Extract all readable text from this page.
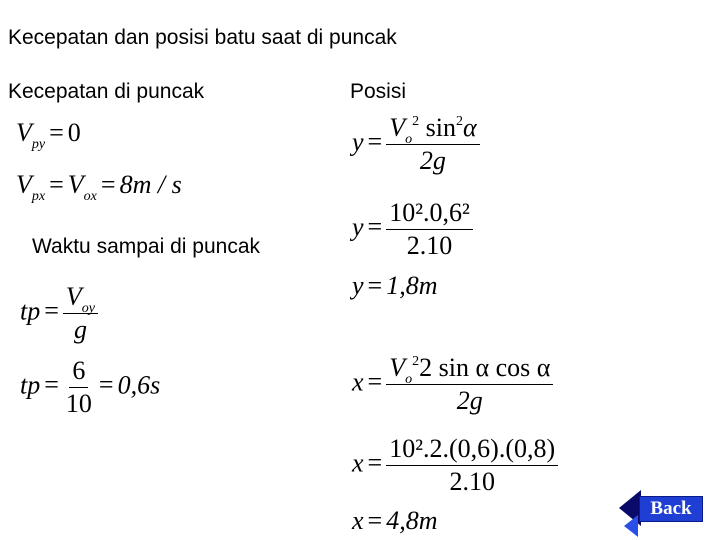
Kecepatan dan posisi batu saat di puncak
Kecepatan di puncak	Posisi
Waktu sampai di puncak
$V_{py} = 0$
$V_{px} = V_{ox} = 8m / s$
tp = $\frac{V_{oy}}{g}$
tp = $\frac{6}{10} = 0,6s$
$y = \frac{V_o^2 \sin^2\alpha}{2g}$
$y = \frac{\text{10².0,6²}}{2.10}$
y = 1,8m
$x = \frac{V_o^22 \sin \alpha \cos \alpha}{2g}$
$x = \frac{\text{10².2.(0,6).(0,8)}}{2.10}$
x = 4,8m	Back
